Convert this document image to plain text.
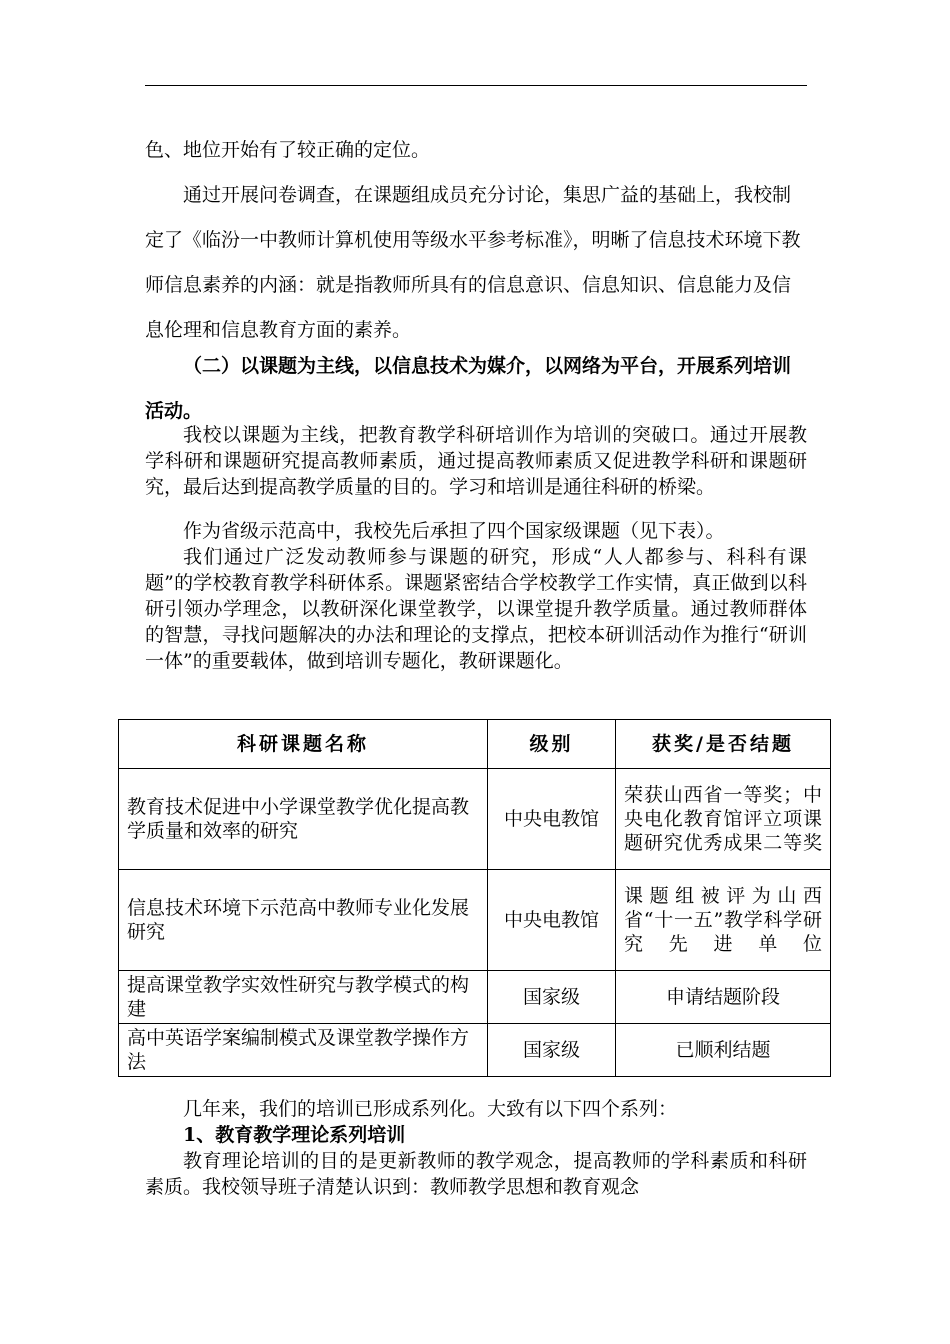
色、地位开始有了较正确的定位。

通过开展问卷调查，在课题组成员充分讨论，集思广益的基础上，我校制定了《临汾一中教师计算机使用等级水平参考标准》，明晰了信息技术环境下教师信息素养的内涵：就是指教师所具有的信息意识、信息知识、信息能力及信息伦理和信息教育方面的素养。

（二）以课题为主线，以信息技术为媒介，以网络为平台，开展系列培训活动。

我校以课题为主线，把教育教学科研培训作为培训的突破口。通过开展教学科研和课题研究提高教师素质，通过提高教师素质又促进教学科研和课题研究，最后达到提高教学质量的目的。学习和培训是通往科研的桥梁。

作为省级示范高中，我校先后承担了四个国家级课题（见下表）。

我们通过广泛发动教师参与课题的研究，形成“人人都参与、科科有课题”的学校教育教学科研体系。课题紧密结合学校教学工作实情，真正做到以科研引领办学理念，以教研深化课堂教学，以课堂提升教学质量。通过教师群体的智慧，寻找问题解决的办法和理论的支撑点，把校本研训活动作为推行“研训一体”的重要载体，做到培训专题化，教研课题化。

科研课题名称	级别	获奖/是否结题
教育技术促进中小学课堂教学优化提高教学质量和效率的研究	中央电教馆	荣获山西省一等奖；中央电化教育馆评立项课题研究优秀成果二等奖
信息技术环境下示范高中教师专业化发展研究	中央电教馆	课题组被评为山西省“十一五”教学科学研究先进单位
提高课堂教学实效性研究与教学模式的构建	国家级	申请结题阶段
高中英语学案编制模式及课堂教学操作方法	国家级	已顺利结题

几年来，我们的培训已形成系列化。大致有以下四个系列：

1、教育教学理论系列培训

教育理论培训的目的是更新教师的教学观念，提高教师的学科素质和科研素质。我校领导班子清楚认识到：教师教学思想和教育观念
